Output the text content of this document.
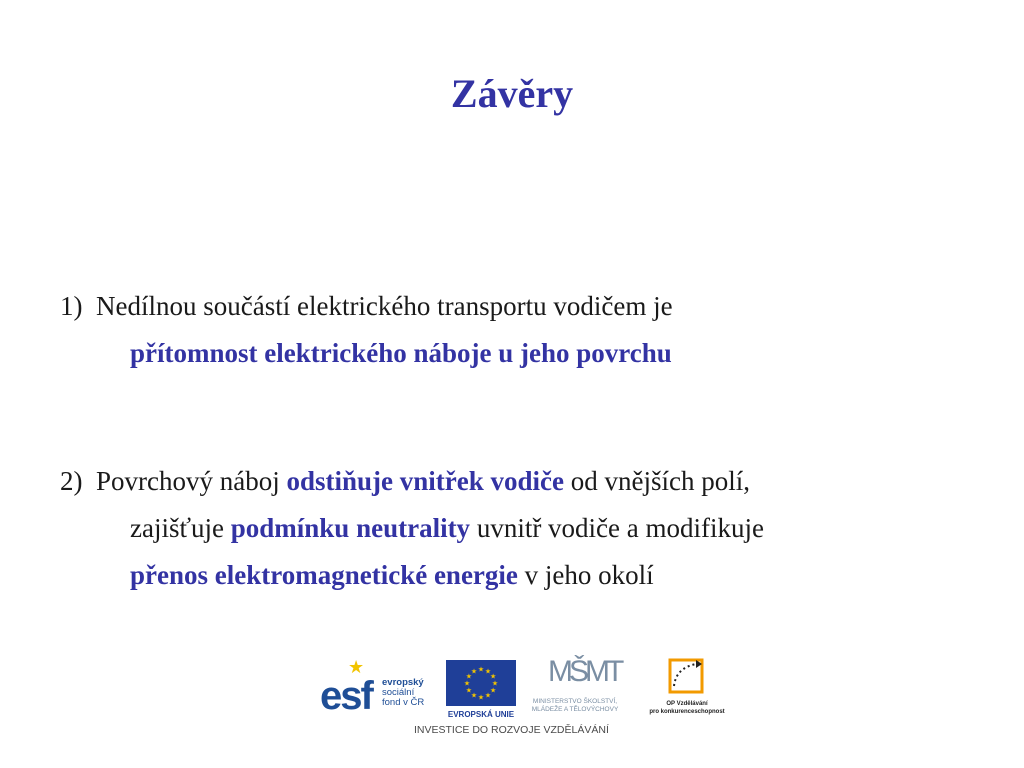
Závěry
1) Nedílnou součástí elektrického transportu vodičem je
přítomnost elektrického náboje u jeho povrchu
2) Povrchový náboj odstiňuje vnitřek vodiče od vnějších polí,
zajišťuje podmínku neutrality uvnitř vodiče a modifikuje
přenos elektromagnetické energie v jeho okolí
★
esf evropský
sociální
fond v ČR
★ ★
★
★
★
★
★
★
★
★
★
★
EVROPSKÁ UNIE
MŠMT
MINISTERSTVO ŠKOLSTVÍ,
MLÁDEŽE A TĚLOVÝCHOVY
OP Vzdělávání
pro konkurenceschopnost
INVESTICE DO ROZVOJE VZDĚLÁVÁNÍ
